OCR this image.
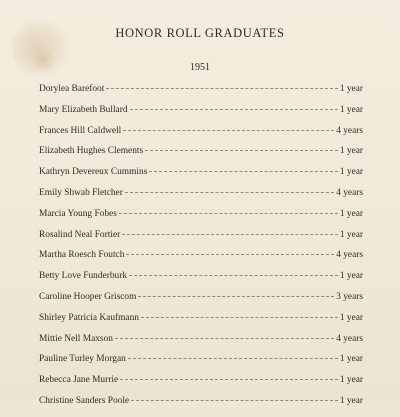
HONOR ROLL GRADUATES
1951
Dorylea Barefoot	1 year
Mary Elizabeth Bullard	1 year
Frances Hill Caldwell	4 years
Elizabeth Hughes Clements	1 year
Kathryn Devereux Cummins	1 year
Emily Shwab Fletcher	4 years
Marcia Young Fobes	1 year
Rosalind Neal Fortier	1 year
Martha Roesch Foutch	4 years
Betty Love Funderburk	1 year
Caroline Hooper Griscom	3 years
Shirley Patricia Kaufmann	1 year
Mittie Nell Maxson	4 years
Pauline Turley Morgan	1 year
Rebecca Jane Murrie	1 year
Christine Sanders Poole	1 year
